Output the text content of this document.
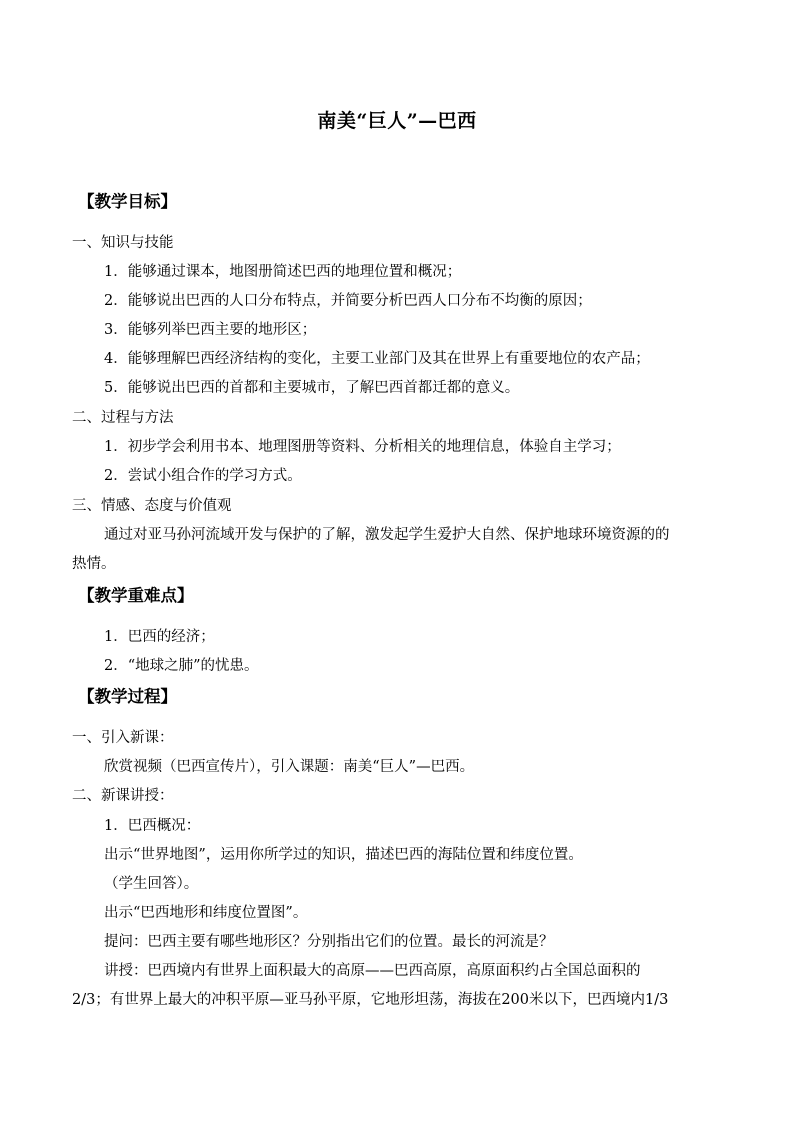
南美“巨人”—巴西
【教学目标】
一、知识与技能
1．能够通过课本，地图册简述巴西的地理位置和概况；
2．能够说出巴西的人口分布特点，并简要分析巴西人口分布不均衡的原因；
3．能够列举巴西主要的地形区；
4．能够理解巴西经济结构的变化，主要工业部门及其在世界上有重要地位的农产品；
5．能够说出巴西的首都和主要城市，了解巴西首都迁都的意义。
二、过程与方法
1．初步学会利用书本、地理图册等资料、分析相关的地理信息，体验自主学习；
2．尝试小组合作的学习方式。
三、情感、态度与价值观
通过对亚马孙河流域开发与保护的了解，激发起学生爱护大自然、保护地球环境资源的的
热情。
【教学重难点】
1．巴西的经济；
2．“地球之肺”的忧患。
【教学过程】
一、引入新课：
欣赏视频（巴西宣传片），引入课题：南美“巨人”—巴西。
二、新课讲授：
1．巴西概况：
出示“世界地图”，运用你所学过的知识，描述巴西的海陆位置和纬度位置。
（学生回答）。
出示“巴西地形和纬度位置图”。
提问：巴西主要有哪些地形区？分别指出它们的位置。最长的河流是？
讲授：巴西境内有世界上面积最大的高原——巴西高原，高原面积约占全国总面积的
2/3；有世界上最大的冲积平原—亚马孙平原，它地形坦荡，海拔在200米以下，巴西境内1/3
